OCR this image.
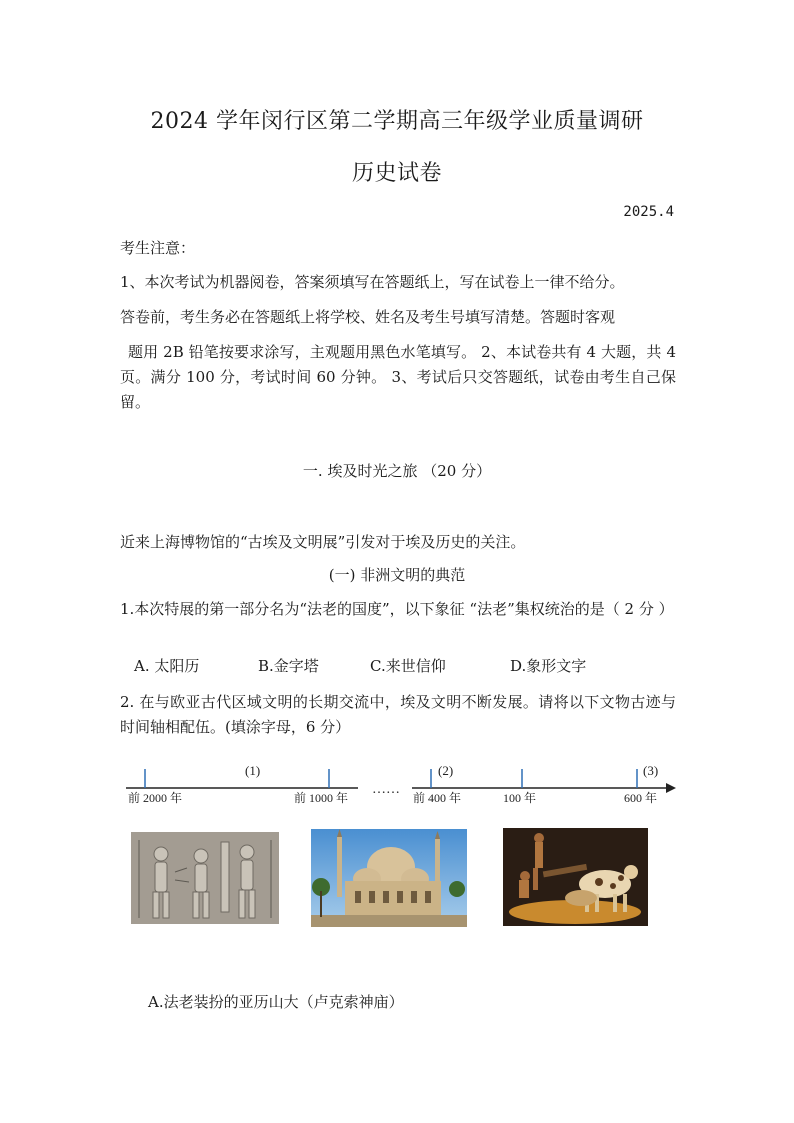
2024 学年闵行区第二学期高三年级学业质量调研
历史试卷
2025.4
考生注意：
1、本次考试为机器阅卷，答案须填写在答题纸上，写在试卷上一律不给分。
答卷前，考生务必在答题纸上将学校、姓名及考生号填写清楚。答题时客观
题用 2B 铅笔按要求涂写，主观题用黑色水笔填写。 2、本试卷共有 4 大题，共 4 页。满分 100 分，考试时间 60 分钟。 3、考试后只交答题纸，试卷由考生自己保留。
一. 埃及时光之旅 （20 分）
近来上海博物馆的“古埃及文明展”引发对于埃及历史的关注。
(一) 非洲文明的典范
1.本次特展的第一部分名为“法老的国度”，以下象征 “法老”集权统治的是（ 2 分 ）
A. 太阳历	B.金字塔	C.来世信仰	D.象形文字
2. 在与欧亚古代区域文明的长期交流中，埃及文明不断发展。请将以下文物古迹与时间轴相配伍。(填涂字母，6 分）
……
前 2000 年	前 1000 年	前 400 年	100 年	600 年
(1)	(2)	(3)
A.法老装扮的亚历山大（卢克索神庙）
